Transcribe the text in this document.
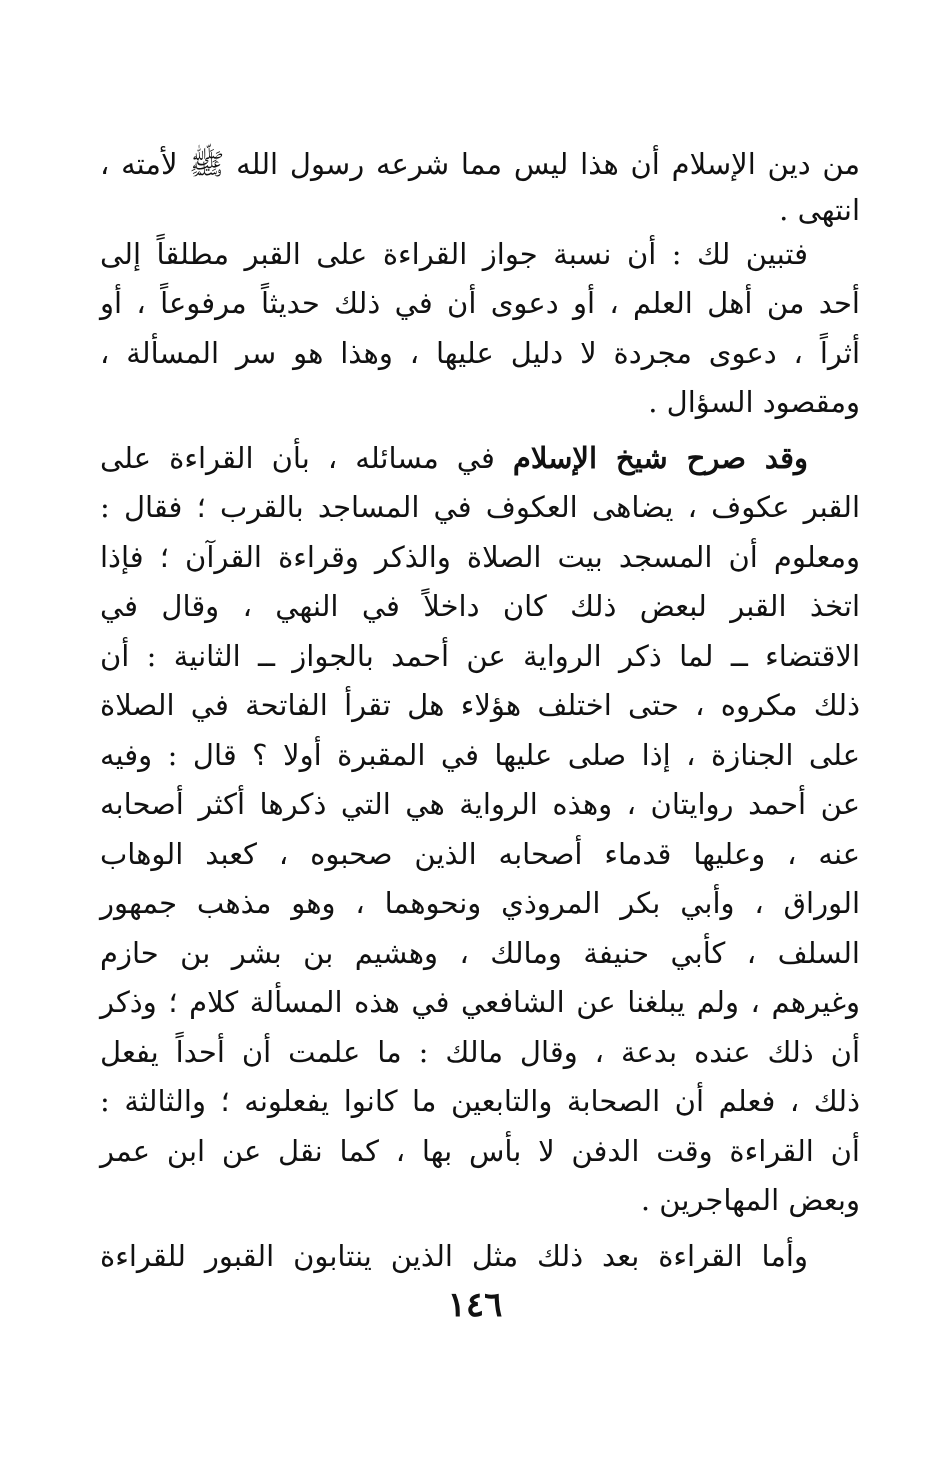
من دين الإسلام أن هذا ليس مما شرعه رسول الله ﷺ لأمته ،
انتهى .
فتبين لك : أن نسبة جواز القراءة على القبر مطلقاً إلى
أحد من أهل العلم ، أو دعوى أن في ذلك حديثاً مرفوعاً ، أو
أثراً ، دعوى مجردة لا دليل عليها ، وهذا هو سر المسألة ،
ومقصود السؤال .
وقد صرح شيخ الإسلام في مسائله ، بأن القراءة على
القبر عكوف ، يضاهى العكوف في المساجد بالقرب ؛ فقال :
ومعلوم أن المسجد بيت الصلاة والذكر وقراءة القرآن ؛ فإذا
اتخذ القبر لبعض ذلك كان داخلاً في النهي ، وقال في
الاقتضاء ــ لما ذكر الرواية عن أحمد بالجواز ــ الثانية : أن
ذلك مكروه ، حتى اختلف هؤلاء هل تقرأ الفاتحة في الصلاة
على الجنازة ، إذا صلى عليها في المقبرة أولا ؟ قال : وفيه
عن أحمد روايتان ، وهذه الرواية هي التي ذكرها أكثر أصحابه
عنه ، وعليها قدماء أصحابه الذين صحبوه ، كعبد الوهاب
الوراق ، وأبي بكر المروذي ونحوهما ، وهو مذهب جمهور
السلف ، كأبي حنيفة ومالك ، وهشيم بن بشر بن حازم
وغيرهم ، ولم يبلغنا عن الشافعي في هذه المسألة كلام ؛ وذكر
أن ذلك عنده بدعة ، وقال مالك : ما علمت أن أحداً يفعل
ذلك ، فعلم أن الصحابة والتابعين ما كانوا يفعلونه ؛ والثالثة :
أن القراءة وقت الدفن لا بأس بها ، كما نقل عن ابن عمر
وبعض المهاجرين .
وأما القراءة بعد ذلك مثل الذين ينتابون القبور للقراءة
١٤٦
